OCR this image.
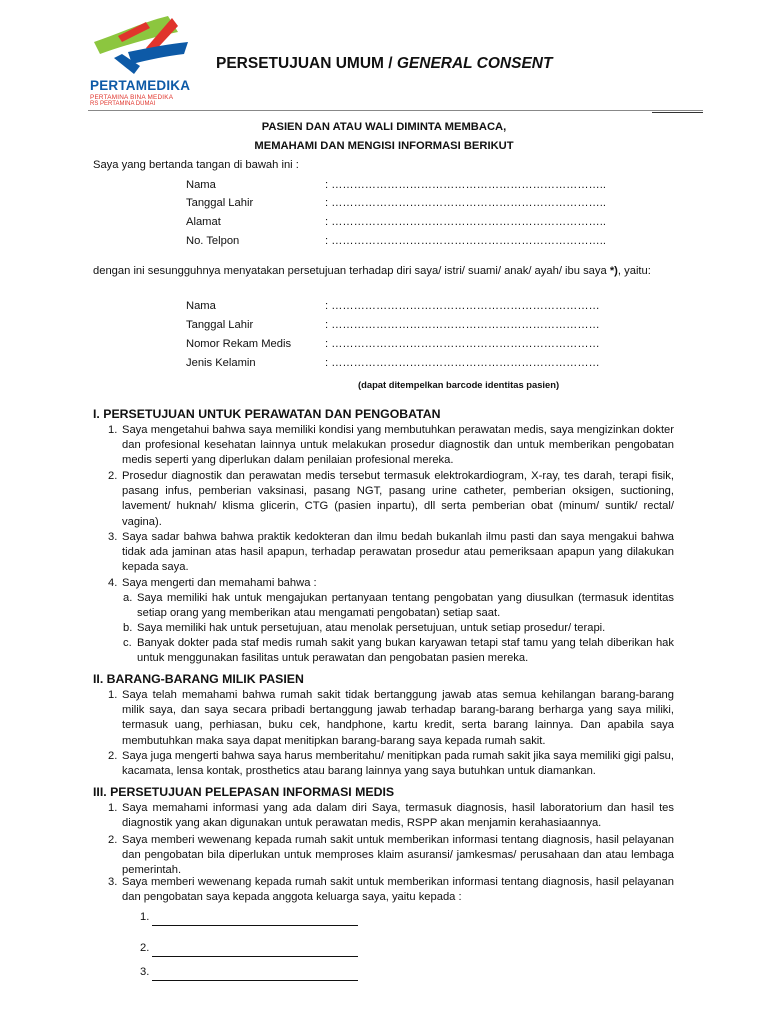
PERTAMEDIKA
PERTAMINA BINA MEDIKA
RS PERTAMINA DUMAI
PERSETUJUAN UMUM / GENERAL CONSENT
PASIEN DAN ATAU WALI DIMINTA MEMBACA,
MEMAHAMI DAN MENGISI INFORMASI BERIKUT
Saya yang bertanda tangan di bawah ini :
Nama	: ………………………………………………………………..
Tanggal Lahir	: ………………………………………………………………..
Alamat	: ………………………………………………………………..
No. Telpon	: ………………………………………………………………..
dengan ini sesungguhnya menyatakan persetujuan terhadap diri saya/ istri/ suami/ anak/ ayah/ ibu saya *), yaitu:
Nama	: ………………………………………………………………
Tanggal Lahir	: ………………………………………………………………
Nomor Rekam Medis	: ………………………………………………………………
Jenis Kelamin	: ………………………………………………………………
(dapat ditempelkan barcode identitas pasien)
I. PERSETUJUAN UNTUK PERAWATAN DAN PENGOBATAN
1. Saya mengetahui bahwa saya memiliki kondisi yang membutuhkan perawatan medis, saya mengizinkan dokter dan profesional kesehatan lainnya untuk melakukan prosedur diagnostik dan untuk memberikan pengobatan medis seperti yang diperlukan dalam penilaian profesional mereka.
2. Prosedur diagnostik dan perawatan medis tersebut termasuk elektrokardiogram, X-ray, tes darah, terapi fisik, pasang infus, pemberian vaksinasi, pasang NGT, pasang urine catheter, pemberian oksigen, suctioning, lavement/ huknah/ klisma glicerin, CTG (pasien inpartu), dll serta pemberian obat (minum/ suntik/ rectal/ vagina).
3. Saya sadar bahwa bahwa praktik kedokteran dan ilmu bedah bukanlah ilmu pasti dan saya mengakui bahwa tidak ada jaminan atas hasil apapun, terhadap perawatan prosedur atau pemeriksaan apapun yang dilakukan kepada saya.
4. Saya mengerti dan memahami bahwa :
a. Saya memiliki hak untuk mengajukan pertanyaan tentang pengobatan yang diusulkan (termasuk identitas setiap orang yang memberikan atau mengamati pengobatan) setiap saat.
b. Saya memiliki hak untuk persetujuan, atau menolak persetujuan, untuk setiap prosedur/ terapi.
c. Banyak dokter pada staf medis rumah sakit yang bukan karyawan tetapi staf tamu yang telah diberikan hak untuk menggunakan fasilitas untuk perawatan dan pengobatan pasien mereka.
II. BARANG-BARANG MILIK PASIEN
1. Saya telah memahami bahwa rumah sakit tidak bertanggung jawab atas semua kehilangan barang-barang milik saya, dan saya secara pribadi bertanggung jawab terhadap barang-barang berharga yang saya miliki, termasuk uang, perhiasan, buku cek, handphone, kartu kredit, serta barang lainnya. Dan apabila saya membutuhkan maka saya dapat menitipkan barang-barang saya kepada rumah sakit.
2. Saya juga mengerti bahwa saya harus memberitahu/ menitipkan pada rumah sakit jika saya memiliki gigi palsu, kacamata, lensa kontak, prosthetics atau barang lainnya yang saya butuhkan untuk diamankan.
III. PERSETUJUAN PELEPASAN INFORMASI MEDIS
1. Saya memahami informasi yang ada dalam diri Saya, termasuk diagnosis, hasil laboratorium dan hasil tes diagnostik yang akan digunakan untuk perawatan medis, RSPP akan menjamin kerahasiaannya.
2. Saya memberi wewenang kepada rumah sakit untuk memberikan informasi tentang diagnosis, hasil pelayanan dan pengobatan bila diperlukan untuk memproses klaim asuransi/ jamkesmas/ perusahaan dan atau lembaga pemerintah.
3. Saya memberi wewenang kepada rumah sakit untuk memberikan informasi tentang diagnosis, hasil pelayanan dan pengobatan saya kepada anggota keluarga saya, yaitu kepada :
1.
2.
3.
